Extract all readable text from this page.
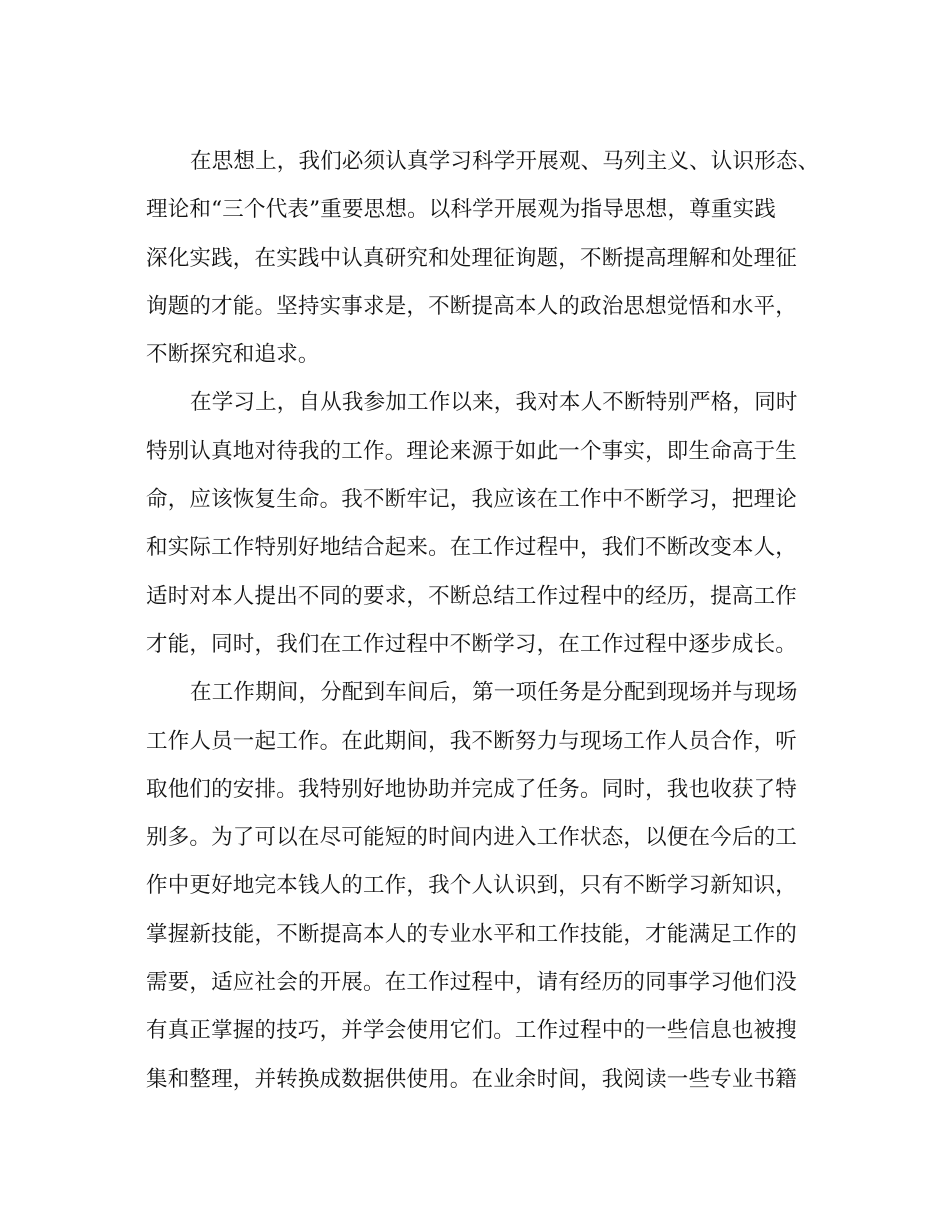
在思想上，我们必须认真学习科学开展观、马列主义、认识形态、
理论和“三个代表”重要思想。以科学开展观为指导思想，尊重实践
深化实践，在实践中认真研究和处理征询题，不断提高理解和处理征
询题的才能。坚持实事求是，不断提高本人的政治思想觉悟和水平，
不断探究和追求。
在学习上，自从我参加工作以来，我对本人不断特别严格，同时
特别认真地对待我的工作。理论来源于如此一个事实，即生命高于生
命，应该恢复生命。我不断牢记，我应该在工作中不断学习，把理论
和实际工作特别好地结合起来。在工作过程中，我们不断改变本人，
适时对本人提出不同的要求，不断总结工作过程中的经历，提高工作
才能，同时，我们在工作过程中不断学习，在工作过程中逐步成长。
在工作期间，分配到车间后，第一项任务是分配到现场并与现场
工作人员一起工作。在此期间，我不断努力与现场工作人员合作，听
取他们的安排。我特别好地协助并完成了任务。同时，我也收获了特
别多。为了可以在尽可能短的时间内进入工作状态，以便在今后的工
作中更好地完本钱人的工作，我个人认识到，只有不断学习新知识，
掌握新技能，不断提高本人的专业水平和工作技能，才能满足工作的
需要，适应社会的开展。在工作过程中，请有经历的同事学习他们没
有真正掌握的技巧，并学会使用它们。工作过程中的一些信息也被搜
集和整理，并转换成数据供使用。在业余时间，我阅读一些专业书籍
